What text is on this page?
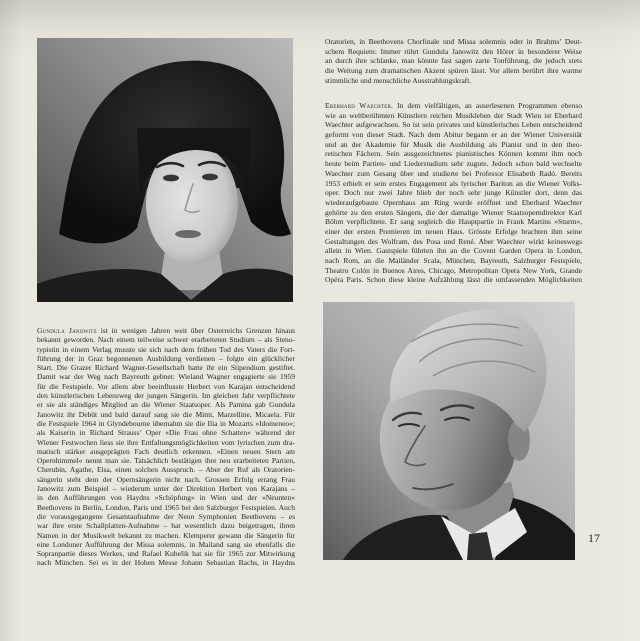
Oratorien, in Beethovens Chorfinale und Missa solemnis oder in Brahms’ Deut-
schem Requiem: Immer rührt Gundula Janowitz den Hörer in besonderer Weise
an durch ihre schlanke, man könnte fast sagen zarte Tonführung, die jedoch stets
die Weitung zum dramatischen Akzent spüren lässt. Vor allem berührt ihre warme
stimmliche und menschliche Ausstrahlungskraft.
Eberhard Waechter. In dem vielfältigen, an auserlesenen Programmen ebenso
wie an weltberühmten Künstlern reichen Musikleben der Stadt Wien ist Eberhard
Waechter aufgewachsen. So ist sein privates und künstlerisches Leben entscheidend
geformt von dieser Stadt. Nach dem Abitur begann er an der Wiener Universität
und an der Akademie für Musik die Ausbildung als Pianist und in den theo-
retischen Fächern. Sein ausgezeichnetes pianistisches Können kommt ihm noch
heute beim Partien- und Liederstudium sehr zugute. Jedoch schon bald wechselte
Waechter zum Gesang über und studierte bei Professor Elisabeth Radó. Bereits
1953 erhielt er sein erstes Engagement als lyrischer Bariton an die Wiener Volks-
oper. Doch nur zwei Jahre blieb der noch sehr junge Künstler dort, denn das
wiederaufgebaute Opernhaus am Ring wurde eröffnet und Eberhard Waechter
gehörte zu den ersten Sängern, die der damalige Wiener Staatsoperndirektor Karl
Böhm verpflichtete. Er sang sogleich die Hauptpartie in Frank Martins »Sturm«,
einer der ersten Premieren im neuen Haus. Grösste Erfolge brachten ihm seine
Gestaltungen des Wolfram, des Posa und René. Aber Waechter wirkt keineswegs
allein in Wien. Gastspiele führten ihn an die Covent Garden Opera in London,
nach Rom, an die Mailänder Scala, München, Bayreuth, Salzburger Festspiele,
Theatro Colón in Buenos Aires, Chicago, Metropolitan Opera New York, Grande
Opéra Paris. Schon diese kleine Aufzählung lässt die umfassenden Möglichkeiten
Gundula Janowitz ist in wenigen Jahren weit über Osterreichs Grenzen hinaus
bekannt geworden. Nach einem teilweise schwer erarbeiteten Studium – als Steno-
typistin in einem Verlag musste sie sich nach dem frühen Tod des Vaters die Fort-
führung der in Graz begonnenen Ausbildung verdienen – folgte ein glücklicher
Start. Die Grazer Richard Wagner-Gesellschaft hatte ihr ein Stipendium gestiftet.
Damit war der Weg nach Bayreuth gebnet: Wieland Wagner engagierte sie 1959
für die Festspiele. Vor allem aber beeinflusste Herbert von Karajan entscheidend
den künstlerischen Lebensweg der jungen Sängerin. Im gleichen Jahr verpflichtete
er sie als ständiges Mitglied an die Wiener Staatsoper. Als Pamina gab Gundula
Janowitz ihr Debüt und bald darauf sang sie die Mimi, Marzelline, Micaela. Für
die Festspiele 1964 in Glyndebourne übernahm sie die Ilia in Mozarts »Idomeneo«;
als Kaiserin in Richard Strauss’ Oper »Die Frau ohne Schatten« während der
Wiener Festwochen liess sie ihre Entfaltungsmöglichkeiten vom lyrischen zum dra-
matisch stärker ausgeprägten Fach deutlich erkennen. »Einen neuen Stern am
Opernhimmel« nennt man sie. Tatsächlich bestätigen ihre neu erarbeiteten Partien,
Cherubin, Agathe, Elsa, einen solchen Ausspruch. – Aber der Ruf als Oratorien-
sängerin steht dem der Opernsängerin nicht nach. Grossen Erfolg errang Frau
Janowitz zum Beispiel – wiederum unter der Direktion Herbert von Karajans –
in den Aufführungen von Haydns »Schöpfung« in Wien und der »Neunten«
Beethovens in Berlin, London, Paris und 1965 bei den Salzburger Festspielen. Auch
die vorausgegangene Gesamtaufnahme der Neun Symphonien Beethovens – es
war ihre erste Schallplatten-Aufnahme – hat wesentlich dazu beigetragen, ihren
Namen in der Musikwelt bekannt zu machen. Klemperer gewann die Sängerin für
eine Londoner Aufführung der Missa solemnis, in Mailand sang sie ebenfalls die
Sopranpartie dieses Werkes, und Rafael Kubelik hat sie für 1965 zur Mitwirkung
nach München. Sei es in der Hohen Messe Johann Sebastian Bachs, in Haydns
17
